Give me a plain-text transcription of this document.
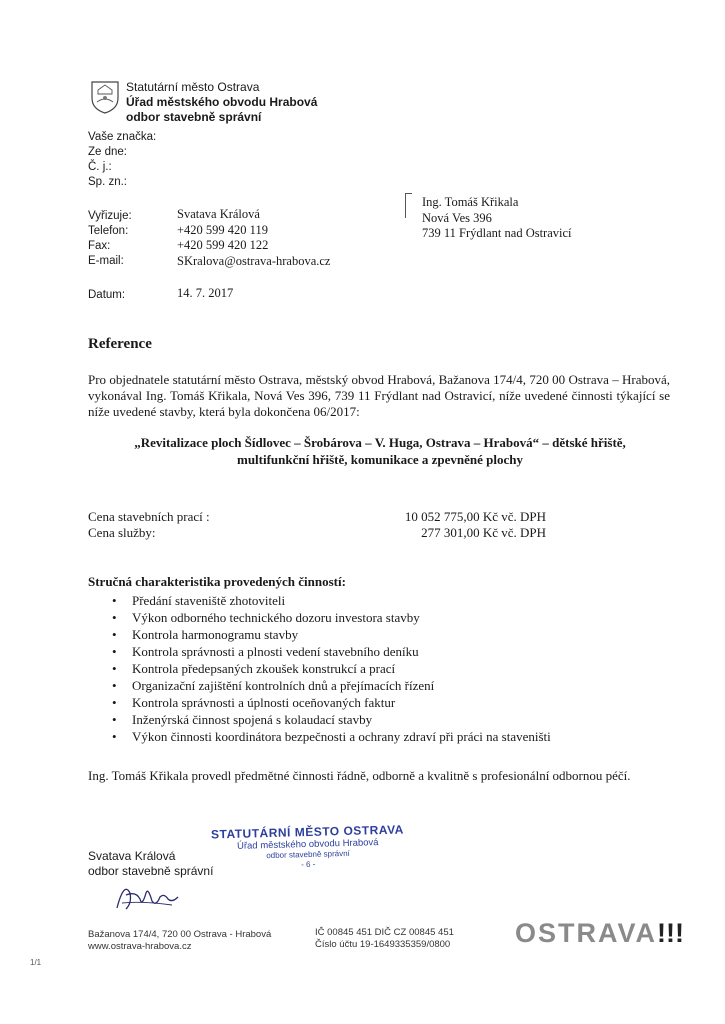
Statutární město Ostrava
Úřad městského obvodu Hrabová
odbor stavebně správní
Vaše značka:
Ze dne:
Č. j.:
Sp. zn.:
Vyřizuje:
Telefon:
Fax:
E-mail:
Svatava Králová
+420 599 420 119
+420 599 420 122
SKralova@ostrava-hrabova.cz
Datum:	14. 7. 2017
Ing. Tomáš Křikala
Nová Ves 396
739 11 Frýdlant nad Ostravicí
Reference
Pro objednatele statutární město Ostrava, městský obvod Hrabová, Bažanova 174/4, 720 00 Ostrava – Hrabová, vykonával Ing. Tomáš Křikala, Nová Ves 396, 739 11 Frýdlant nad Ostravicí, níže uvedené činnosti týkající se níže uvedené stavby, která byla dokončena 06/2017:
„Revitalizace ploch Šídlovec – Šrobárova – V. Huga, Ostrava – Hrabová“ – dětské hřiště, multifunkční hřiště, komunikace a zpevněné plochy
Cena stavebních prací :
Cena služby:
10 052 775,00 Kč vč. DPH
277 301,00 Kč vč. DPH
Stručná charakteristika provedených činností:
• Předání staveniště zhotoviteli
• Výkon odborného technického dozoru investora stavby
• Kontrola harmonogramu stavby
• Kontrola správnosti a plnosti vedení stavebního deníku
• Kontrola předepsaných zkoušek konstrukcí a prací
• Organizační zajištění kontrolních dnů a přejímacích řízení
• Kontrola správnosti a úplnosti oceňovaných faktur
• Inženýrská činnost spojená s kolaudací stavby
• Výkon činnosti koordinátora bezpečnosti a ochrany zdraví při práci na staveništi
Ing. Tomáš Křikala provedl předmětné činnosti řádně, odborně a kvalitně s profesionální odbornou péčí.
STATUTÁRNÍ MĚSTO OSTRAVA
Úřad městského obvodu Hrabová
odbor stavebně správní
- 6 -
Svatava Králová
odbor stavebně správní
Bažanova 174/4, 720 00 Ostrava - Hrabová
www.ostrava-hrabova.cz
IČ 00845 451 DIČ CZ 00845 451
Číslo účtu 19-1649335359/0800 OSTRAVA!!!
1/1
